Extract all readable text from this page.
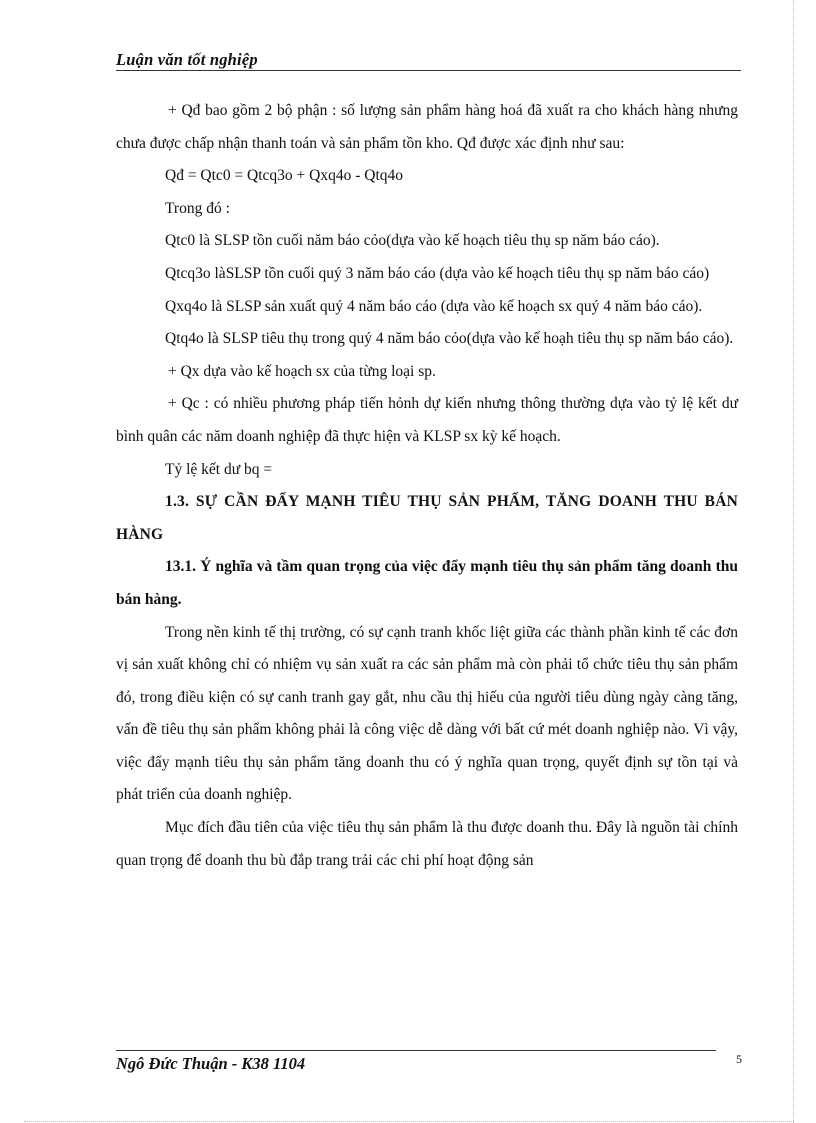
Luận văn tốt nghiệp

+ Qđ bao gồm 2 bộ phận : số lượng sản phẩm hàng hoá đã xuất ra cho khách hàng nhưng chưa được chấp nhận thanh toán và sản phẩm tồn kho. Qđ được xác định như sau:

Qđ = Qtc0 = Qtcq3o + Qxq4o - Qtq4o

Trong đó :

Qtc0 là SLSP tồn cuối năm báo cỏo(dựa vào kế hoạch tiêu thụ sp năm báo cáo).

Qtcq3o làSLSP tồn cuối quý 3 năm báo cáo (dựa vào kế hoạch tiêu thụ sp năm báo cáo)

Qxq4o là SLSP sản xuất quý 4 năm báo cáo (dựa vào kế hoạch sx quý 4 năm báo cáo).

Qtq4o là SLSP tiêu thụ trong quý 4 năm báo cỏo(dựa vào kế hoạh tiêu thụ sp năm báo cáo).

+ Qx dựa vào kế hoạch sx của từng loại sp.

+ Qc : có nhiều phương pháp tiến hỏnh dự kiến nhưng thông thường dựa vào tỷ lệ kết dư bình quân các năm doanh nghiệp đã thực hiện và KLSP sx kỳ kế hoạch.

Tỷ lệ kết dư bq =

1.3. SỰ CẦN ĐẨY MẠNH TIÊU THỤ SẢN PHẨM, TĂNG DOANH THU BÁN HÀNG

13.1. Ý nghĩa và tầm quan trọng của việc đẩy mạnh tiêu thụ sản phẩm tăng doanh thu bán hàng.

Trong nền kinh tế thị trường, có sự cạnh tranh khốc liệt giữa các thành phần kinh tế các đơn vị sản xuất không chỉ có nhiệm vụ sản xuất ra các sản phẩm mà còn phải tổ chức tiêu thụ sản phẩm đó, trong điều kiện có sự canh tranh gay gắt, nhu cầu thị hiếu của người tiêu dùng ngày càng tăng, vấn đề tiêu thụ sản phẩm không phải là công việc dễ dàng với bất cứ mét doanh nghiệp nào. Vì vậy, việc đẩy mạnh tiêu thụ sản phẩm tăng doanh thu có ý nghĩa quan trọng, quyết định sự tồn tại và phát triển của doanh nghiệp.

Mục đích đầu tiên của việc tiêu thụ sản phẩm là thu được doanh thu. Đây là nguồn tài chính quan trọng để doanh thu bù đắp trang trải các chi phí hoạt động sản

Ngô Đức Thuận - K38 1104	5
